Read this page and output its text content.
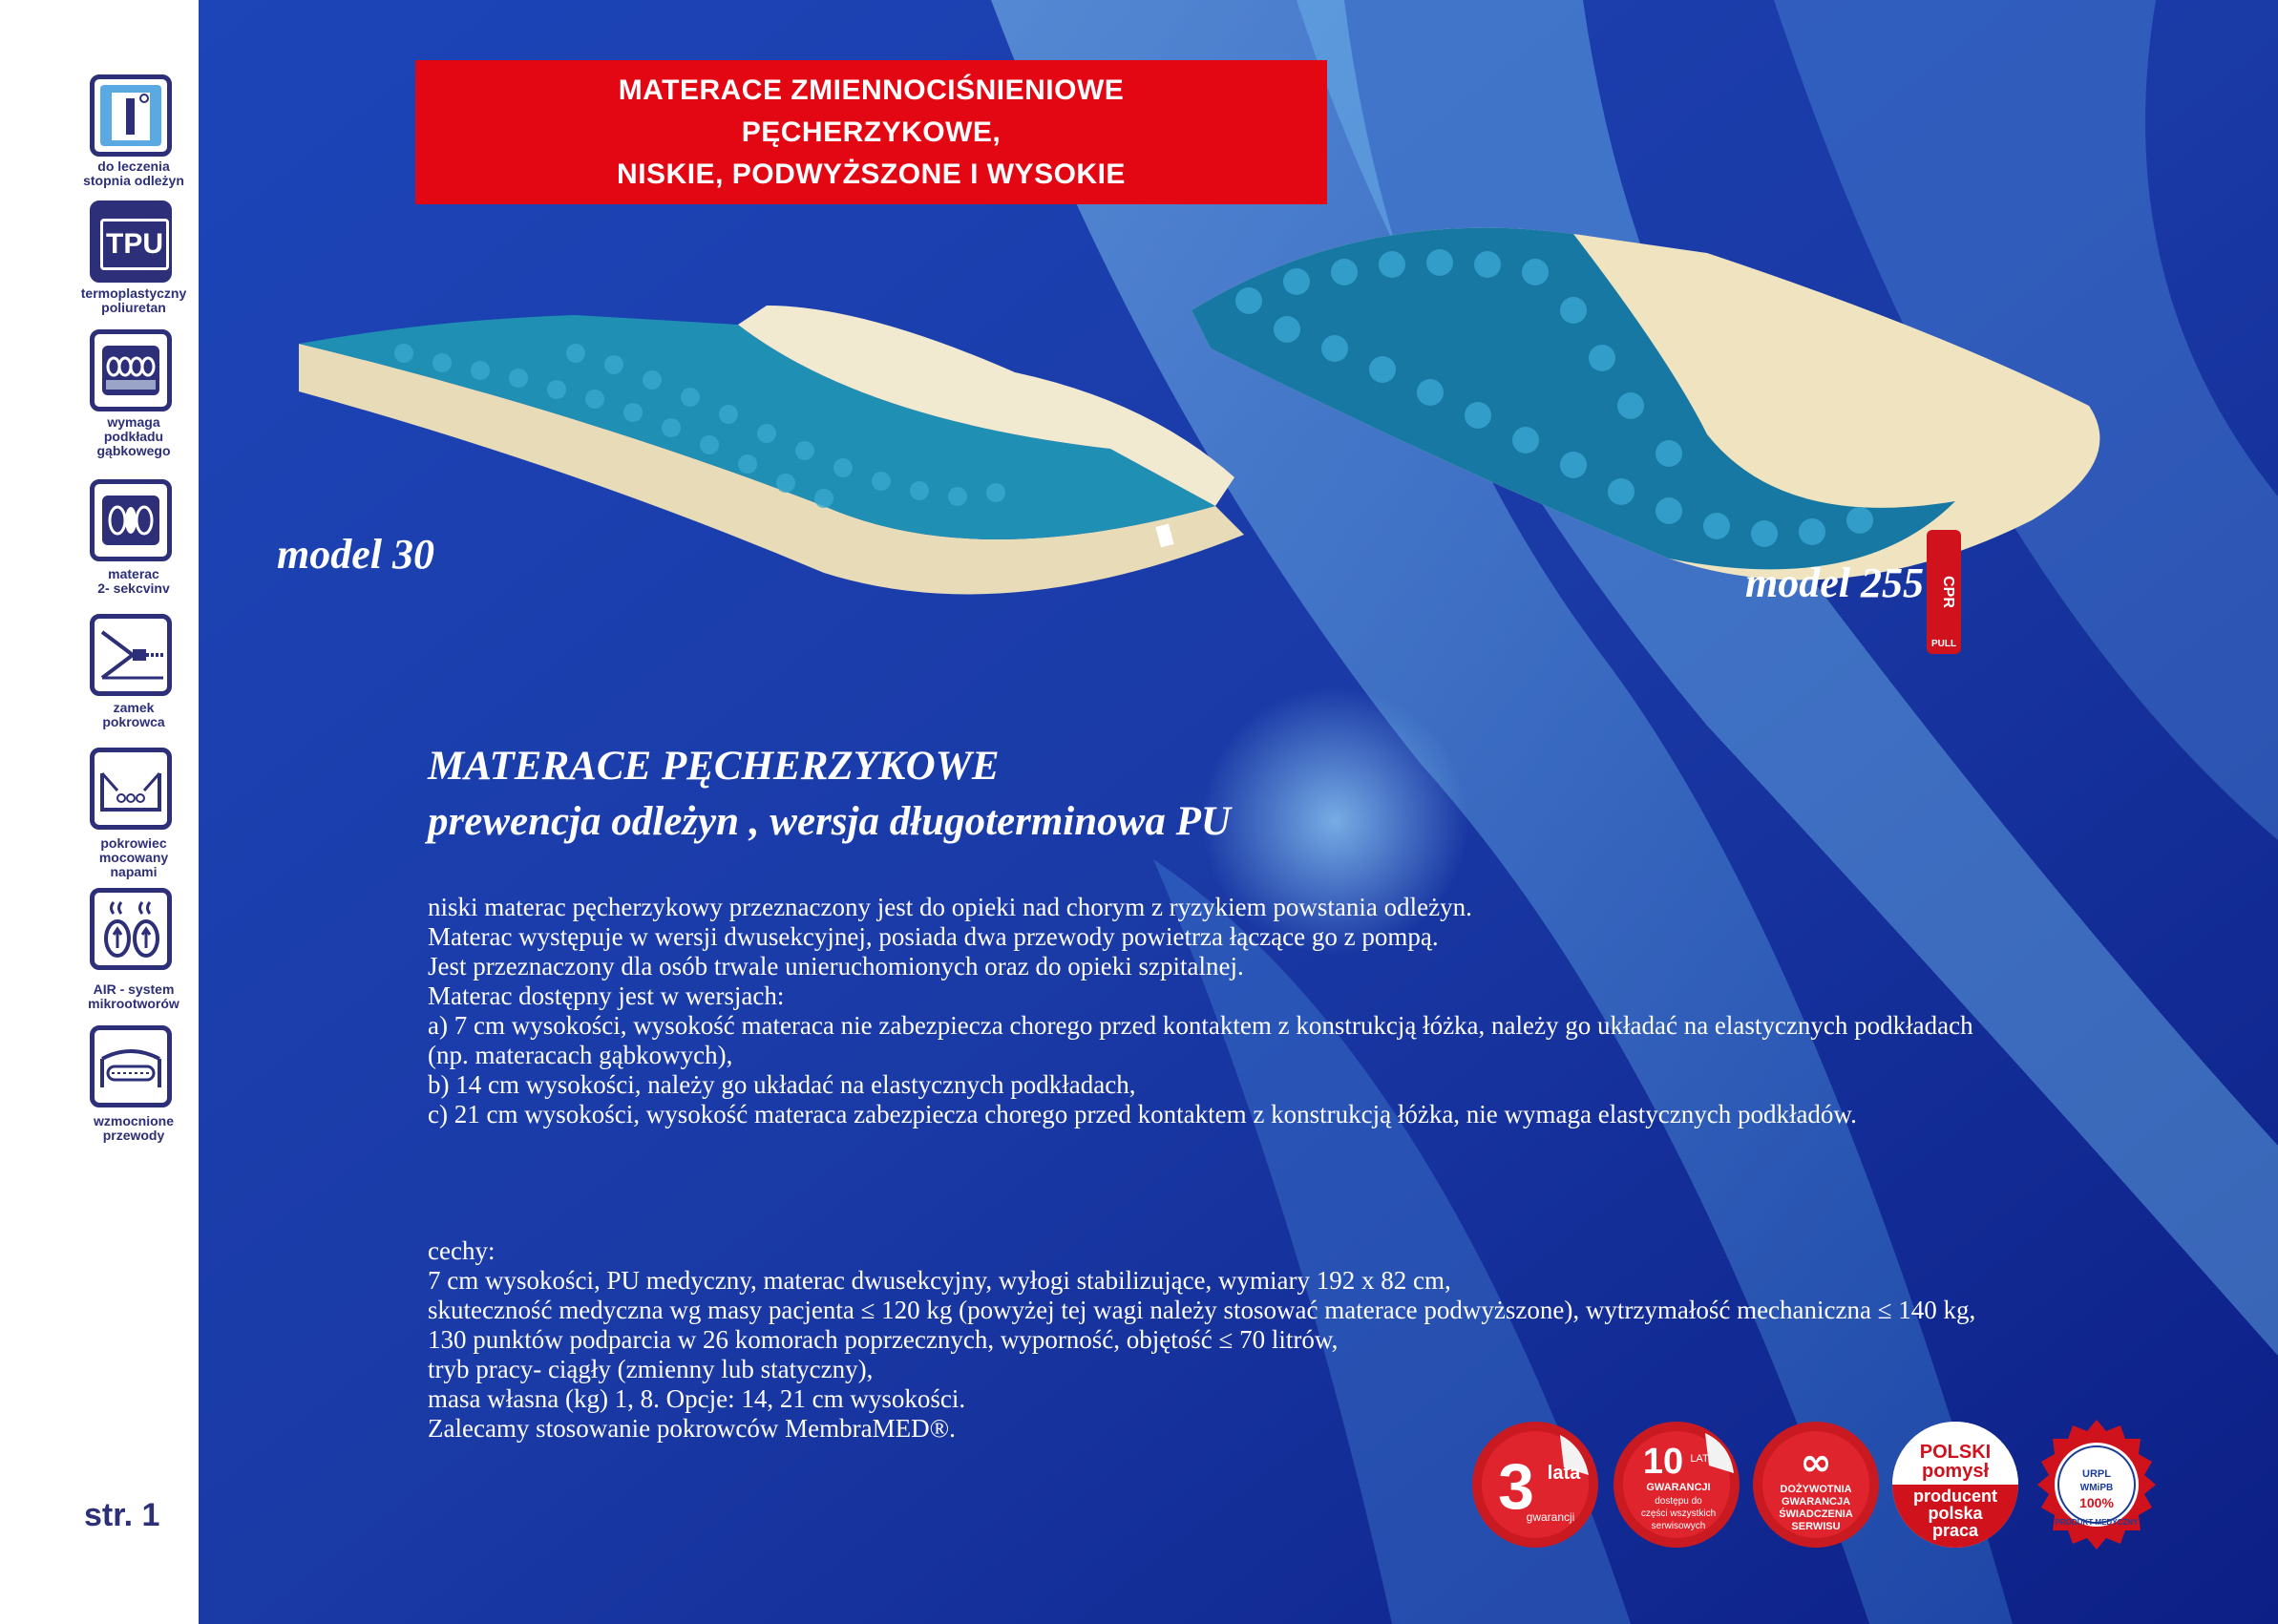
do leczenia
stopnia odleżyn
TPU
termoplastyczny
poliuretan
wymaga
podkładu
gąbkowego
materac
2- sekcvinv
zamek
pokrowca
pokrowiec
mocowany
napami
AIR - system
mikrootworów
wzmocnione
przewody
str. 1
MATERACE ZMIENNOCIŚNIENIOWE
PĘCHERZYKOWE,
NISKIE, PODWYŻSZONE I WYSOKIE
model 30
CPR
PULL
model 255
MATERACE PĘCHERZYKOWE
prewencja odleżyn , wersja długoterminowa PU
niski materac pęcherzykowy przeznaczony jest do opieki nad chorym z ryzykiem powstania odleżyn.
Materac występuje w wersji dwusekcyjnej, posiada dwa przewody powietrza łączące go z pompą.
Jest przeznaczony dla osób trwale unieruchomionych oraz do opieki szpitalnej.
Materac dostępny jest w wersjach:
a) 7 cm wysokości, wysokość materaca nie zabezpiecza chorego przed kontaktem z konstrukcją łóżka, należy go układać na elastycznych podkładach
(np. materacach gąbkowych),
b) 14 cm wysokości, należy go układać na elastycznych podkładach,
c) 21 cm wysokości, wysokość materaca zabezpiecza chorego przed kontaktem z konstrukcją łóżka, nie wymaga elastycznych podkładów.
cechy:
7 cm wysokości, PU medyczny, materac dwusekcyjny, wyłogi stabilizujące, wymiary 192 x 82 cm,
skuteczność medyczna wg masy pacjenta ≤ 120 kg (powyżej tej wagi należy stosować materace podwyższone), wytrzymałość mechaniczna ≤ 140 kg,
130 punktów podparcia w 26 komorach poprzecznych, wyporność, objętość ≤ 70 litrów,
tryb pracy- ciągły (zmienny lub statyczny),
masa własna (kg) 1, 8. Opcje: 14, 21 cm wysokości.
Zalecamy stosowanie pokrowców MembraMED®.
3 lata
gwarancji
10 LAT
GWARANCJI
dostępu do
części wszystkich
serwisowych
∞
DOŻYWOTNIA
GWARANCJA
ŚWIADCZENIA
SERWISU
POLSKI
pomysł
producent
polska
praca
URPL
WMiPB
100%
PRODUKT MEDYCZNY
